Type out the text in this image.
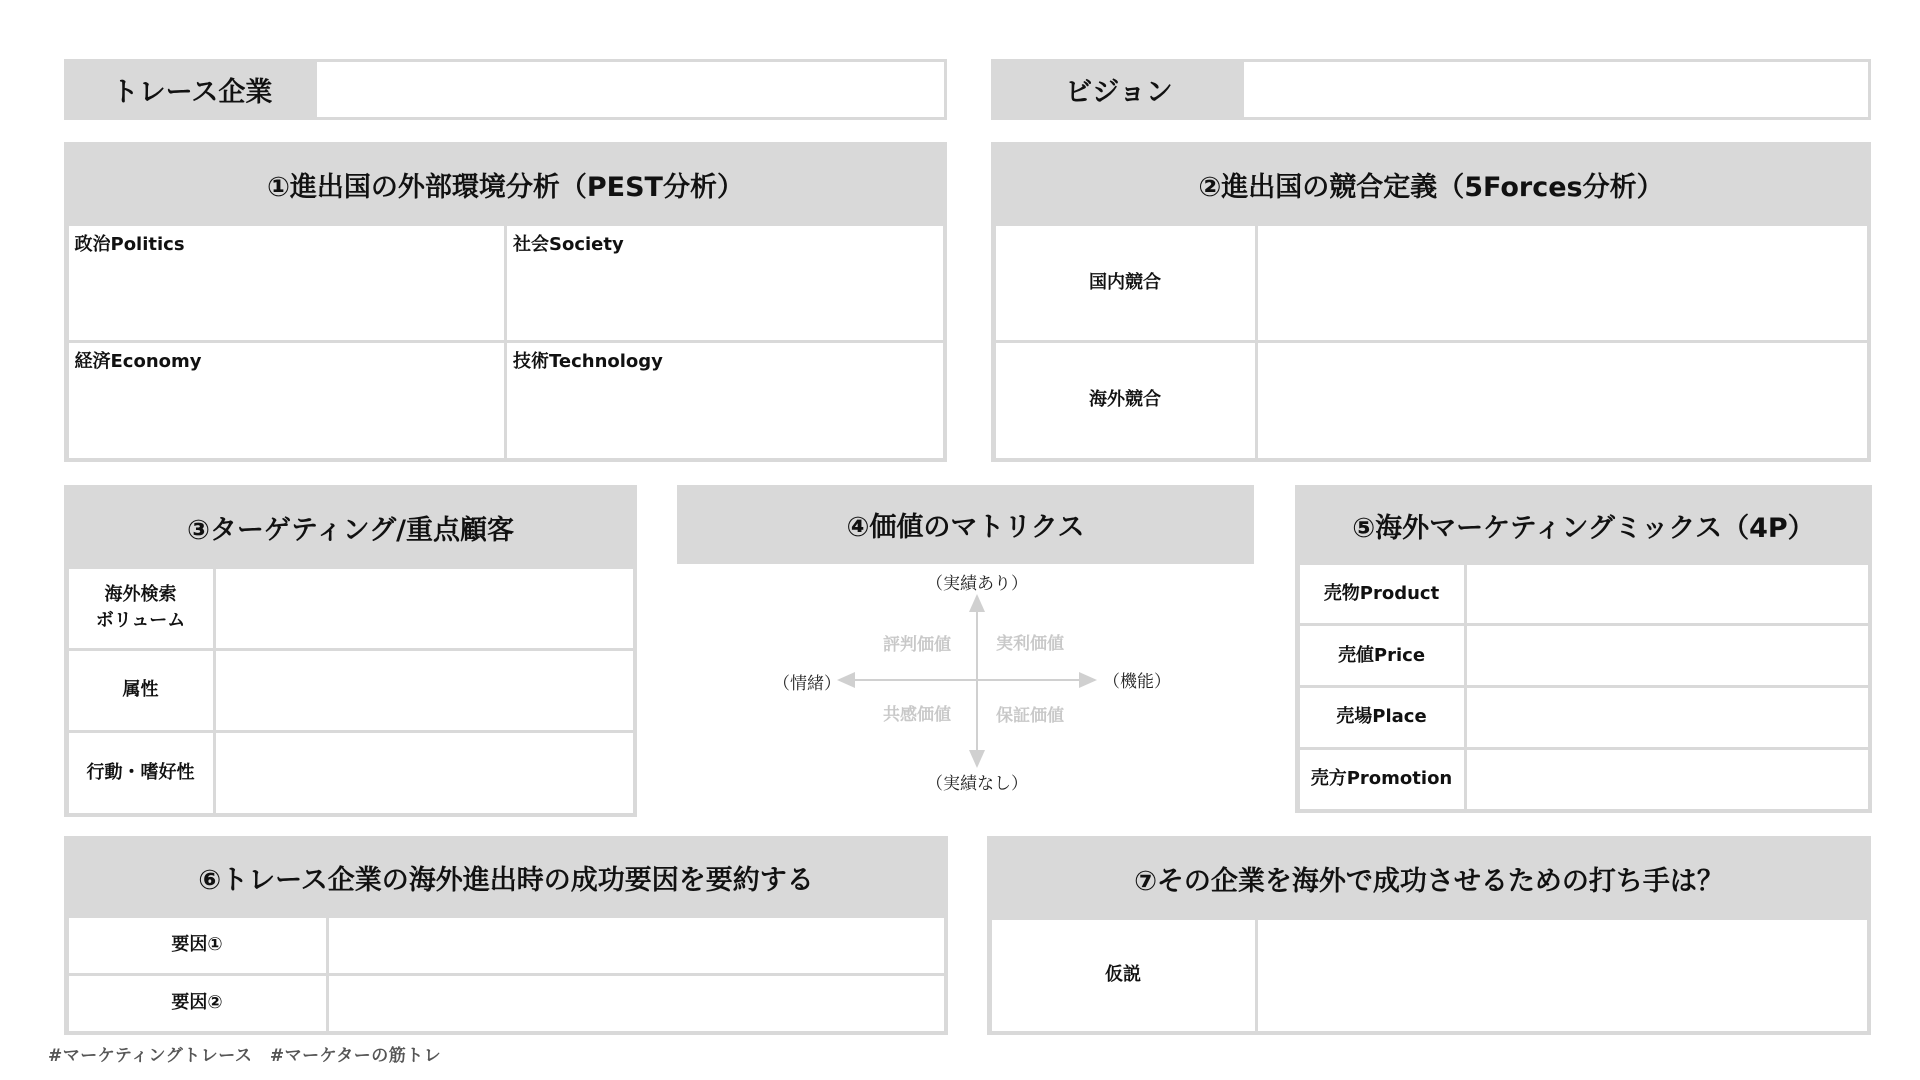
トレース企業	ビジョン
①進出国の外部環境分析（PEST分析）
政治Politics	社会Society
経済Economy	技術Technology
②進出国の競合定義（5Forces分析）
国内競合
海外競合
③ターゲティング/重点顧客
海外検索
ボリューム
属性
行動・嗜好性
④価値のマトリクス
（実績あり）
（実績なし）
（情緒）	（機能）
評判価値	実利価値
共感価値	保証価値
⑤海外マーケティングミックス（4P）
売物Product
売値Price
売場Place
売方Promotion
⑥トレース企業の海外進出時の成功要因を要約する
要因①
要因②
⑦その企業を海外で成功させるための打ち手は？
仮説
#マーケティングトレース　#マーケターの筋トレ
